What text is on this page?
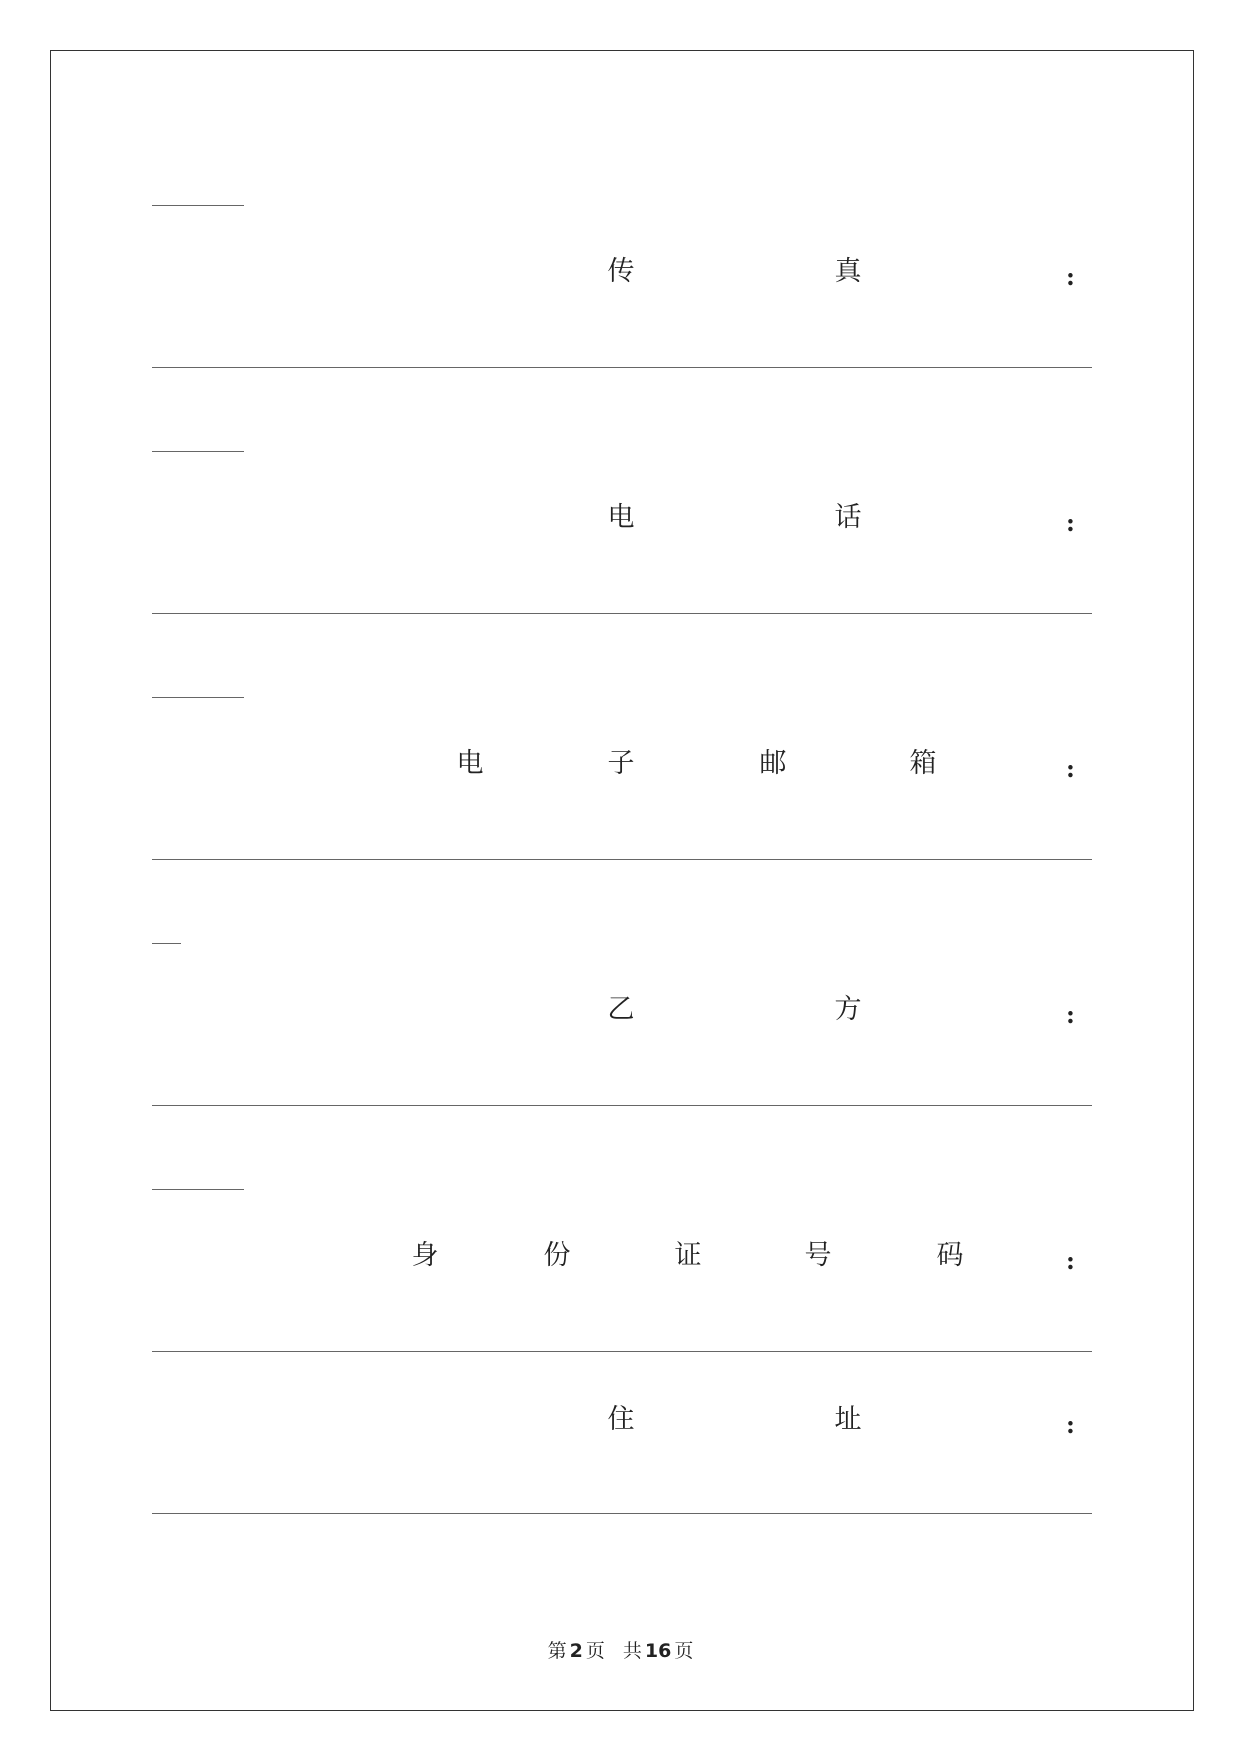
传	真	:
电	话	:
电	子	邮	箱	:
乙	方	:
身	份	证	号	码	:
住	址	:
第 2 页 共 16 页
